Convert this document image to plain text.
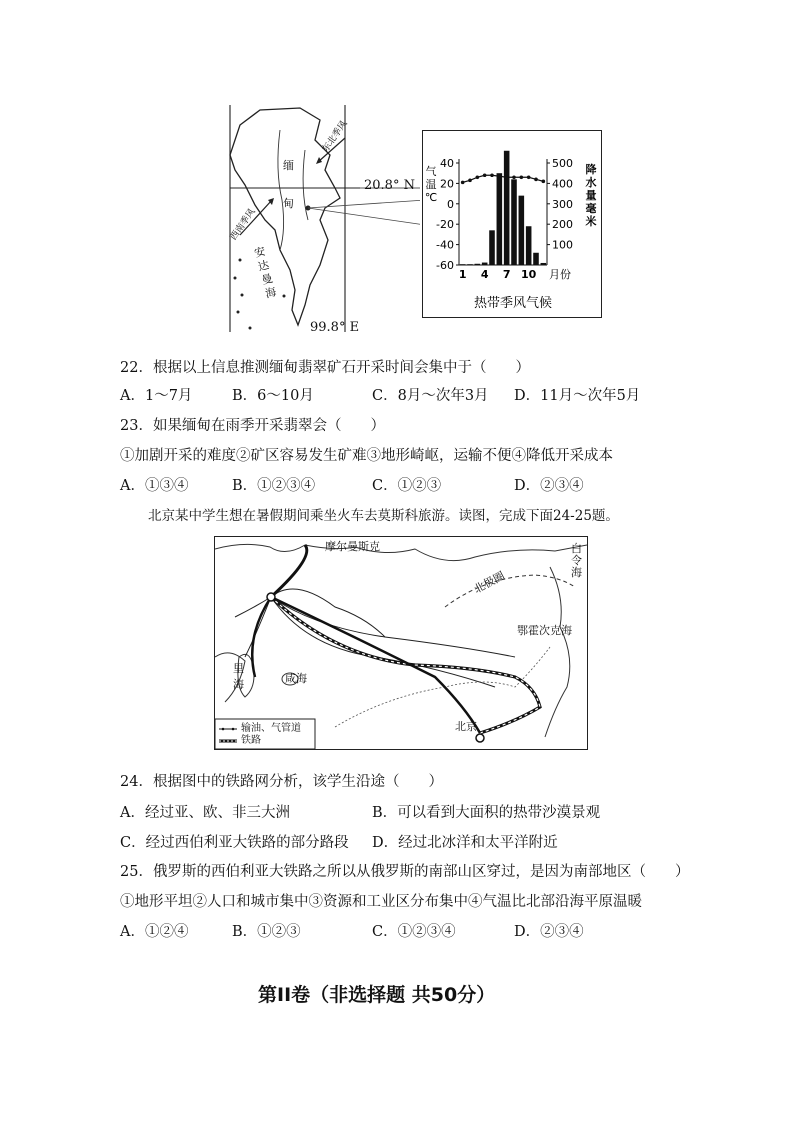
缅
甸
安 达 曼 海
东北季风
西南季风
20.8° N
99.8° E
-60
-40
-20
0
20
40
100
200
300
400
500
1 4 7 10 月份
气
温
℃
降
水
量
毫
米
热带季风气候
22．根据以上信息推测缅甸翡翠矿石开采时间会集中于（　　）
A．1～7月	B．6～10月	C．8月～次年3月 D．11月～次年5月
23．如果缅甸在雨季开采翡翠会（　　）
①加剧开采的难度②矿区容易发生矿难③地形崎岖，运输不便④降低开采成本
A．①③④	B．①②③④	C．①②③	D．②③④
北京某中学生想在暑假期间乘坐火车去莫斯科旅游。读图，完成下面24-25题。
摩尔曼斯克
北极圈
鄂霍次克海
白令海
里
海	咸海
北京
输油、气管道
铁路
24．根据图中的铁路网分析，该学生沿途（　　）
A．经过亚、欧、非三大洲	B．可以看到大面积的热带沙漠景观
C．经过西伯利亚大铁路的部分路段 D．经过北冰洋和太平洋附近
25．俄罗斯的西伯利亚大铁路之所以从俄罗斯的南部山区穿过，是因为南部地区（　　）
①地形平坦②人口和城市集中③资源和工业区分布集中④气温比北部沿海平原温暖
A．①②④	B．①②③	C．①②③④	D．②③④
第II卷（非选择题 共50分）
